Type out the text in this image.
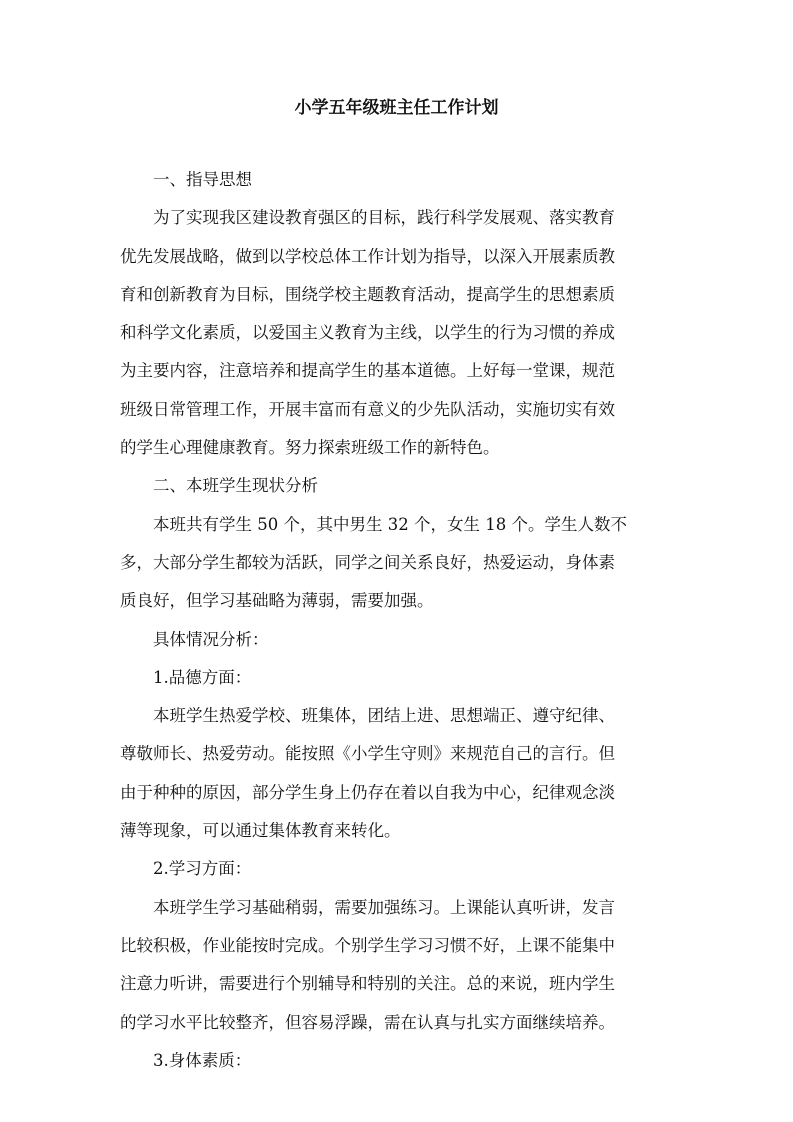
小学五年级班主任工作计划

一、指导思想

为了实现我区建设教育强区的目标，践行科学发展观、落实教育

优先发展战略，做到以学校总体工作计划为指导，以深入开展素质教

育和创新教育为目标，围绕学校主题教育活动，提高学生的思想素质

和科学文化素质，以爱国主义教育为主线，以学生的行为习惯的养成

为主要内容，注意培养和提高学生的基本道德。上好每一堂课，规范

班级日常管理工作，开展丰富而有意义的少先队活动，实施切实有效

的学生心理健康教育。努力探索班级工作的新特色。

二、本班学生现状分析

本班共有学生 50 个，其中男生 32 个，女生 18 个。学生人数不

多，大部分学生都较为活跃，同学之间关系良好，热爱运动，身体素

质良好，但学习基础略为薄弱，需要加强。

具体情况分析：

1.品德方面：

本班学生热爱学校、班集体，团结上进、思想端正、遵守纪律、

尊敬师长、热爱劳动。能按照《小学生守则》来规范自己的言行。但

由于种种的原因，部分学生身上仍存在着以自我为中心，纪律观念淡

薄等现象，可以通过集体教育来转化。

2.学习方面：

本班学生学习基础稍弱，需要加强练习。上课能认真听讲，发言

比较积极，作业能按时完成。个别学生学习习惯不好，上课不能集中

注意力听讲，需要进行个别辅导和特别的关注。总的来说，班内学生

的学习水平比较整齐，但容易浮躁，需在认真与扎实方面继续培养。

3.身体素质：
